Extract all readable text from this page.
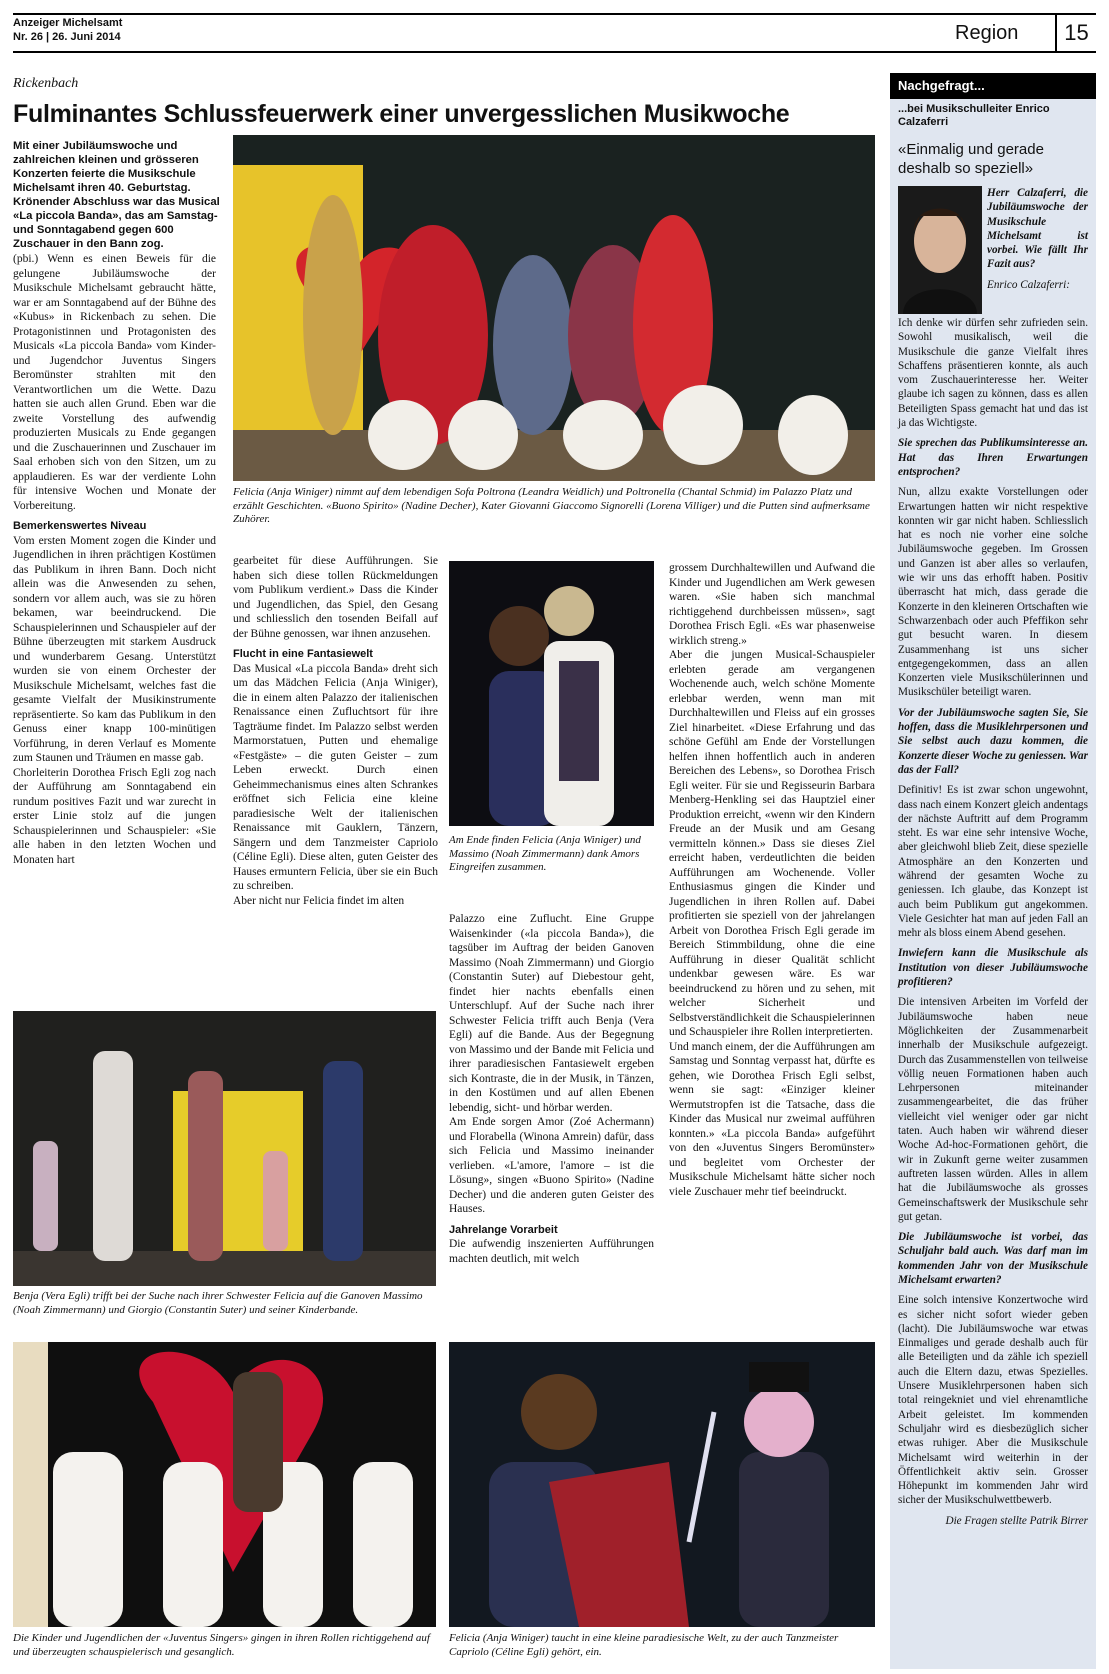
Anzeiger Michelsamt
Nr. 26 | 26. Juni 2014	Region	15
Rickenbach
Fulminantes Schlussfeuerwerk einer unvergesslichen Musikwoche
Mit einer Jubiläumswoche und zahlreichen kleinen und grösseren Konzerten feierte die Musikschule Michelsamt ihren 40. Geburtstag. Krönender Abschluss war das Musical «La piccola Banda», das am Samstag- und Sonntagabend gegen 600 Zuschauer in den Bann zog.
Felicia (Anja Winiger) nimmt auf dem lebendigen Sofa Poltrona (Leandra Weidlich) und Poltronella (Chantal Schmid) im Palazzo Platz und erzählt Geschichten. «Buono Spirito» (Nadine Decher), Kater Giovanni Giaccomo Signorelli (Lorena Villiger) und die Putten sind aufmerksame Zuhörer.

(pbi.) Wenn es einen Beweis für die gelungene Jubiläumswoche der Musikschule Michelsamt gebraucht hätte, war er am Sonntagabend auf der Bühne des «Kubus» in Rickenbach zu sehen. Die Protagonistinnen und Protagonisten des Musicals «La piccola Banda» vom Kinder- und Jugendchor Juventus Singers Beromünster strahlten mit den Verantwortlichen um die Wette. Dazu hatten sie auch allen Grund. Eben war die zweite Vorstellung des aufwendig produzierten Musicals zu Ende gegangen und die Zuschauerinnen und Zuschauer im Saal erhoben sich von den Sitzen, um zu applaudieren. Es war der verdiente Lohn für intensive Wochen und Monate der Vorbereitung.

Bemerkenswertes Niveau

Vom ersten Moment zogen die Kinder und Jugendlichen in ihren prächtigen Kostümen das Publikum in ihren Bann. Doch nicht allein was die Anwesenden zu sehen, sondern vor allem auch, was sie zu hören bekamen, war beeindruckend. Die Schauspielerinnen und Schauspieler auf der Bühne überzeugten mit starkem Ausdruck und wunderbarem Gesang. Unterstützt wurden sie von einem Orchester der Musikschule Michelsamt, welches fast die gesamte Vielfalt der Musikinstrumente repräsentierte. So kam das Publikum in den Genuss einer knapp 100-minütigen Vorführung, in deren Verlauf es Momente zum Staunen und Träumen en masse gab.

Chorleiterin Dorothea Frisch Egli zog nach der Aufführung am Sonntagabend ein rundum positives Fazit und war zurecht in erster Linie stolz auf die jungen Schauspielerinnen und Schauspieler: «Sie alle haben in den letzten Wochen und Monaten hart

gearbeitet für diese Aufführungen. Sie haben sich diese tollen Rückmeldungen vom Publikum verdient.» Dass die Kinder und Jugendlichen, das Spiel, den Gesang und schliesslich den tosenden Beifall auf der Bühne genossen, war ihnen anzusehen.

Flucht in eine Fantasiewelt

Das Musical «La piccola Banda» dreht sich um das Mädchen Felicia (Anja Winiger), die in einem alten Palazzo der italienischen Renaissance einen Zufluchtsort für ihre Tagträume findet. Im Palazzo selbst werden Marmorstatuen, Putten und ehemalige «Festgäste» – die guten Geister – zum Leben erweckt. Durch einen Geheimmechanismus eines alten Schrankes eröffnet sich Felicia eine kleine paradiesische Welt der italienischen Renaissance mit Gauklern, Tänzern, Sängern und dem Tanzmeister Capriolo (Céline Egli). Diese alten, guten Geister des Hauses ermuntern Felicia, über sie ein Buch zu schreiben.

Aber nicht nur Felicia findet im alten

Am Ende finden Felicia (Anja Winiger) und Massimo (Noah Zimmermann) dank Amors Eingreifen zusammen.

Palazzo eine Zuflucht. Eine Gruppe Waisenkinder («la piccola Banda»), die tagsüber im Auftrag der beiden Ganoven Massimo (Noah Zimmermann) und Giorgio (Constantin Suter) auf Diebestour geht, findet hier nachts ebenfalls einen Unterschlupf. Auf der Suche nach ihrer Schwester Felicia trifft auch Benja (Vera Egli) auf die Bande. Aus der Begegnung von Massimo und der Bande mit Felicia und ihrer paradiesischen Fantasiewelt ergeben sich Kontraste, die in der Musik, in Tänzen, in den Kostümen und auf allen Ebenen lebendig, sicht- und hörbar werden.

Am Ende sorgen Amor (Zoé Achermann) und Florabella (Winona Amrein) dafür, dass sich Felicia und Massimo ineinander verlieben. «L'amore, l'amore – ist die Lösung», singen «Buono Spirito» (Nadine Decher) und die anderen guten Geister des Hauses.

Jahrelange Vorarbeit

Die aufwendig inszenierten Aufführungen machten deutlich, mit welch

grossem Durchhaltewillen und Aufwand die Kinder und Jugendlichen am Werk gewesen waren. «Sie haben sich manchmal richtiggehend durchbeissen müssen», sagt Dorothea Frisch Egli. «Es war phasenweise wirklich streng.»

Aber die jungen Musical-Schauspieler erlebten gerade am vergangenen Wochenende auch, welch schöne Momente erlebbar werden, wenn man mit Durchhaltewillen und Fleiss auf ein grosses Ziel hinarbeitet. «Diese Erfahrung und das schöne Gefühl am Ende der Vorstellungen helfen ihnen hoffentlich auch in anderen Bereichen des Lebens», so Dorothea Frisch Egli weiter. Für sie und Regisseurin Barbara Menberg-Henkling sei das Hauptziel einer Produktion erreicht, «wenn wir den Kindern Freude an der Musik und am Gesang vermitteln können.» Dass sie dieses Ziel erreicht haben, verdeutlichten die beiden Aufführungen am Wochenende. Voller Enthusiasmus gingen die Kinder und Jugendlichen in ihren Rollen auf. Dabei profitierten sie speziell von der jahrelangen Arbeit von Dorothea Frisch Egli gerade im Bereich Stimmbildung, ohne die eine Aufführung in dieser Qualität schlicht undenkbar gewesen wäre. Es war beeindruckend zu hören und zu sehen, mit welcher Sicherheit und Selbstverständlichkeit die Schauspielerinnen und Schauspieler ihre Rollen interpretierten.

Und manch einem, der die Aufführungen am Samstag und Sonntag verpasst hat, dürfte es gehen, wie Dorothea Frisch Egli selbst, wenn sie sagt: «Einziger kleiner Wermutstropfen ist die Tatsache, dass die Kinder das Musical nur zweimal aufführen konnten.» «La piccola Banda» aufgeführt von den «Juventus Singers Beromünster» und begleitet vom Orchester der Musikschule Michelsamt hätte sicher noch viele Zuschauer mehr tief beeindruckt.

Benja (Vera Egli) trifft bei der Suche nach ihrer Schwester Felicia auf die Ganoven Massimo (Noah Zimmermann) und Giorgio (Constantin Suter) und seiner Kinderbande.
Die Kinder und Jugendlichen der «Juventus Singers» gingen in ihren Rollen richtiggehend auf und überzeugten schauspielerisch und gesanglich.
Felicia (Anja Winiger) taucht in eine kleine paradiesische Welt, zu der auch Tanzmeister Capriolo (Céline Egli) gehört, ein.
Nachgefragt...
...bei Musikschulleiter Enrico Calzaferri
«Einmalig und gerade deshalb so speziell»

Herr Calzaferri, die Jubiläumswoche der Musikschule Michelsamt ist vorbei. Wie fällt Ihr Fazit aus?

Enrico Calzaferri:

Ich denke wir dürfen sehr zufrieden sein. Sowohl musikalisch, weil die Musikschule die ganze Vielfalt ihres Schaffens präsentieren konnte, als auch vom Zuschauerinteresse her. Weiter glaube ich sagen zu können, dass es allen Beteiligten Spass gemacht hat und das ist ja das Wichtigste.

Sie sprechen das Publikumsinteresse an. Hat das Ihren Erwartungen entsprochen?

Nun, allzu exakte Vorstellungen oder Erwartungen hatten wir nicht respektive konnten wir gar nicht haben. Schliesslich hat es noch nie vorher eine solche Jubiläumswoche gegeben. Im Grossen und Ganzen ist aber alles so verlaufen, wie wir uns das erhofft haben. Positiv überrascht hat mich, dass gerade die Konzerte in den kleineren Ortschaften wie Schwarzenbach oder auch Pfeffikon sehr gut besucht waren. In diesem Zusammenhang ist uns sicher entgegengekommen, dass an allen Konzerten viele Musikschülerinnen und Musikschüler beteiligt waren.

Vor der Jubiläumswoche sagten Sie, Sie hoffen, dass die Musiklehrpersonen und Sie selbst auch dazu kommen, die Konzerte dieser Woche zu geniessen. War das der Fall?

Definitiv! Es ist zwar schon ungewohnt, dass nach einem Konzert gleich andentags der nächste Auftritt auf dem Programm steht. Es war eine sehr intensive Woche, aber gleichwohl blieb Zeit, diese spezielle Atmosphäre an den Konzerten und während der gesamten Woche zu geniessen. Ich glaube, das Konzept ist auch beim Publikum gut angekommen. Viele Gesichter hat man auf jeden Fall an mehr als bloss einem Abend gesehen.

Inwiefern kann die Musikschule als Institution von dieser Jubiläumswoche profitieren?

Die intensiven Arbeiten im Vorfeld der Jubiläumswoche haben neue Möglichkeiten der Zusammenarbeit innerhalb der Musikschule aufgezeigt. Durch das Zusammenstellen von teilweise völlig neuen Formationen haben auch Lehrpersonen miteinander zusammengearbeitet, die das früher vielleicht viel weniger oder gar nicht taten. Auch haben wir während dieser Woche Ad-hoc-Formationen gehört, die wir in Zukunft gerne weiter zusammen auftreten lassen würden. Alles in allem hat die Jubiläumswoche als grosses Gemeinschaftswerk der Musikschule sehr gut getan.

Die Jubiläumswoche ist vorbei, das Schuljahr bald auch. Was darf man im kommenden Jahr von der Musikschule Michelsamt erwarten?

Eine solch intensive Konzertwoche wird es sicher nicht sofort wieder geben (lacht). Die Jubiläumswoche war etwas Einmaliges und gerade deshalb auch für alle Beteiligten und da zähle ich speziell auch die Eltern dazu, etwas Spezielles. Unsere Musiklehrpersonen haben sich total reingekniet und viel ehrenamtliche Arbeit geleistet. Im kommenden Schuljahr wird es diesbezüglich sicher etwas ruhiger. Aber die Musikschule Michelsamt wird weiterhin in der Öffentlichkeit aktiv sein. Grosser Höhepunkt im kommenden Jahr wird sicher der Musikschulwettbewerb.

Die Fragen stellte Patrik Birrer
